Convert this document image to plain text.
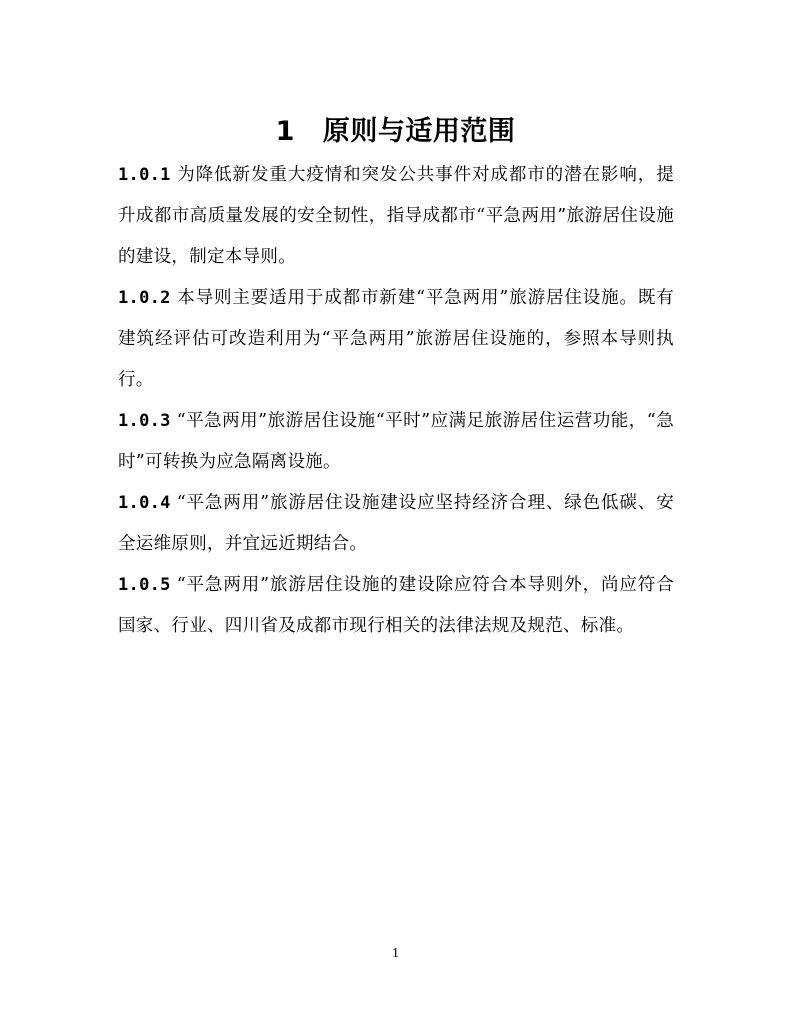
1 原则与适用范围

1.0.1 为降低新发重大疫情和突发公共事件对成都市的潜在影响，提升成都市高质量发展的安全韧性，指导成都市“平急两用”旅游居住设施的建设，制定本导则。

1.0.2 本导则主要适用于成都市新建“平急两用”旅游居住设施。既有建筑经评估可改造利用为“平急两用”旅游居住设施的，参照本导则执行。

1.0.3 “平急两用”旅游居住设施“平时”应满足旅游居住运营功能，“急时”可转换为应急隔离设施。

1.0.4 “平急两用”旅游居住设施建设应坚持经济合理、绿色低碳、安全运维原则，并宜远近期结合。

1.0.5 “平急两用”旅游居住设施的建设除应符合本导则外，尚应符合国家、行业、四川省及成都市现行相关的法律法规及规范、标准。

1
